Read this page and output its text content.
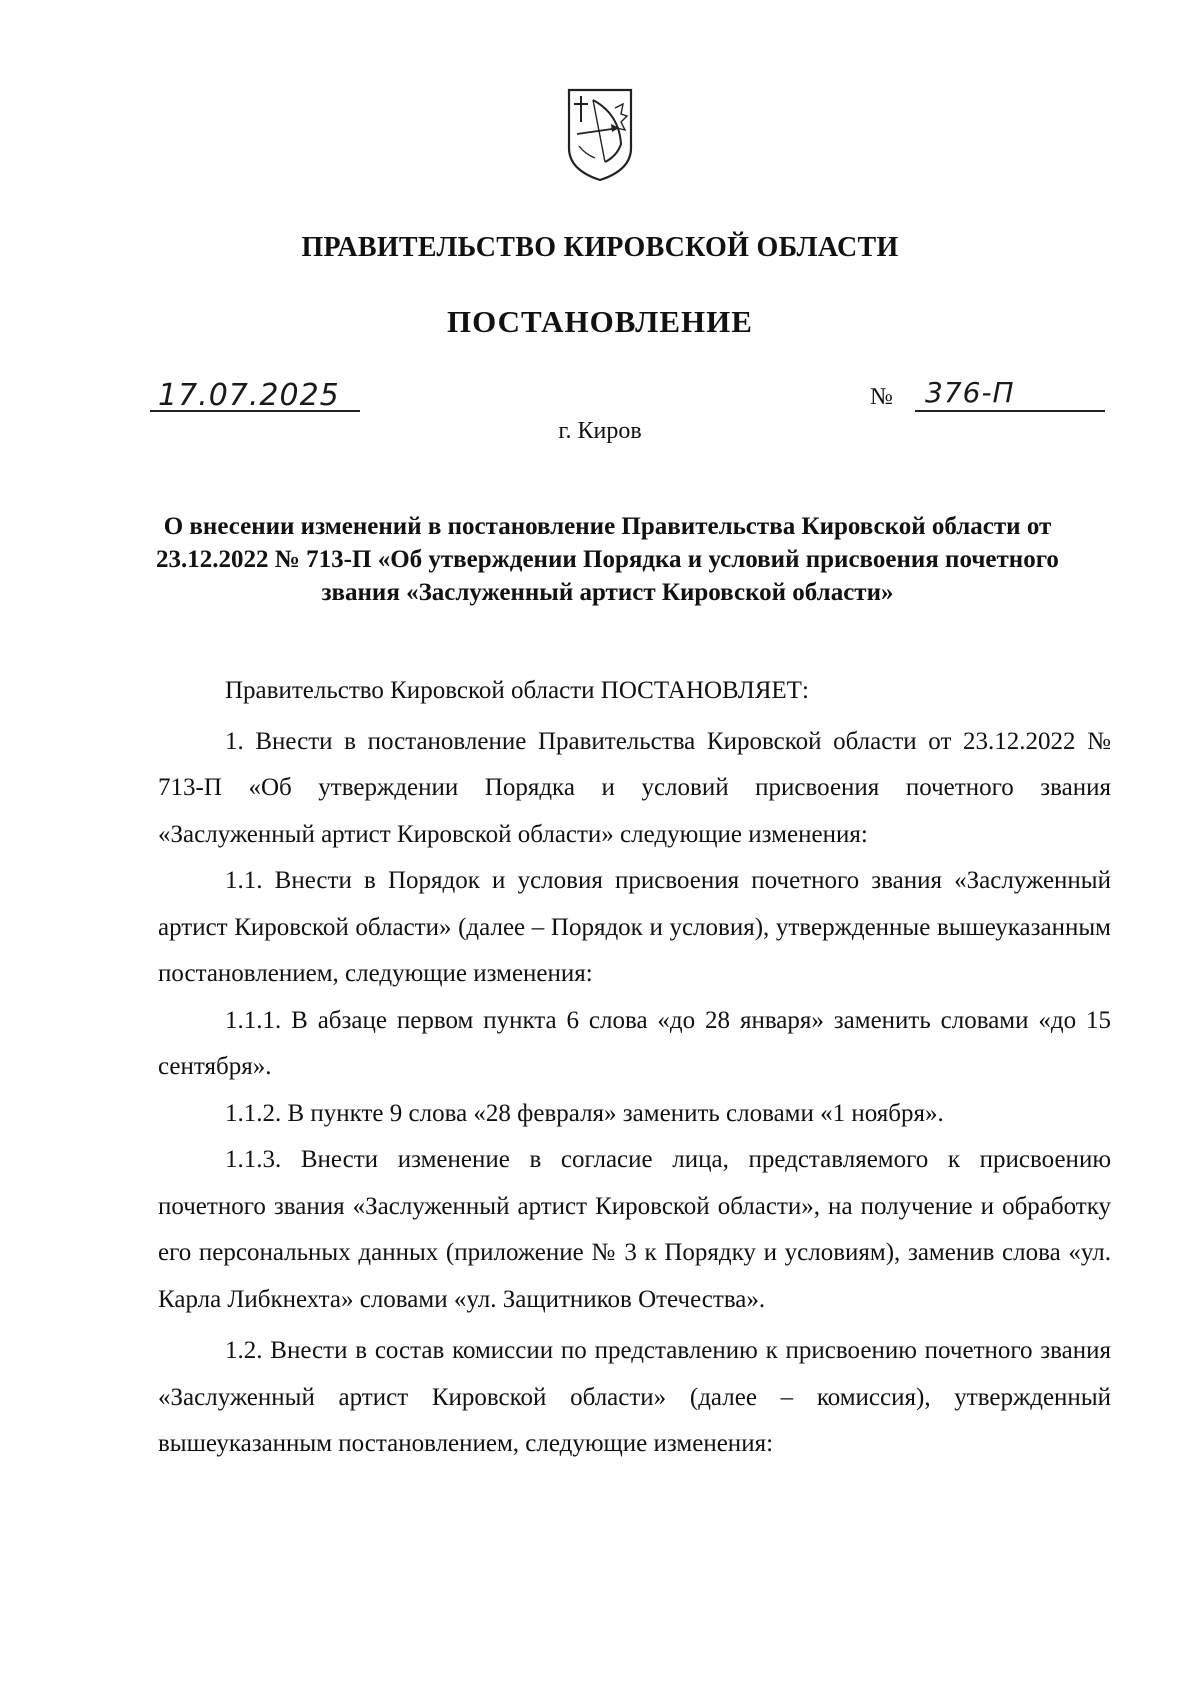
ПРАВИТЕЛЬСТВО КИРОВСКОЙ ОБЛАСТИ
ПОСТАНОВЛЕНИЕ
17.07.2025	№ 376-П
г. Киров
О внесении изменений в постановление Правительства Кировской области от 23.12.2022 № 713-П «Об утверждении Порядка и условий присвоения почетного звания «Заслуженный артист Кировской области»

Правительство Кировской области ПОСТАНОВЛЯЕТ:

1. Внести в постановление Правительства Кировской области от 23.12.2022 № 713-П «Об утверждении Порядка и условий присвоения почетного звания «Заслуженный артист Кировской области» следующие изменения:

1.1. Внести в Порядок и условия присвоения почетного звания «Заслуженный артист Кировской области» (далее – Порядок и условия), утвержденные вышеуказанным постановлением, следующие изменения:

1.1.1. В абзаце первом пункта 6 слова «до 28 января» заменить словами «до 15 сентября».

1.1.2. В пункте 9 слова «28 февраля» заменить словами «1 ноября».

1.1.3. Внести изменение в согласие лица, представляемого к присвоению почетного звания «Заслуженный артист Кировской области», на получение и обработку его персональных данных (приложение № 3 к Порядку и условиям), заменив слова «ул. Карла Либкнехта» словами «ул. Защитников Отечества».

1.2. Внести в состав комиссии по представлению к присвоению почетного звания «Заслуженный артист Кировской области» (далее – комиссия), утвержденный вышеуказанным постановлением, следующие изменения:
